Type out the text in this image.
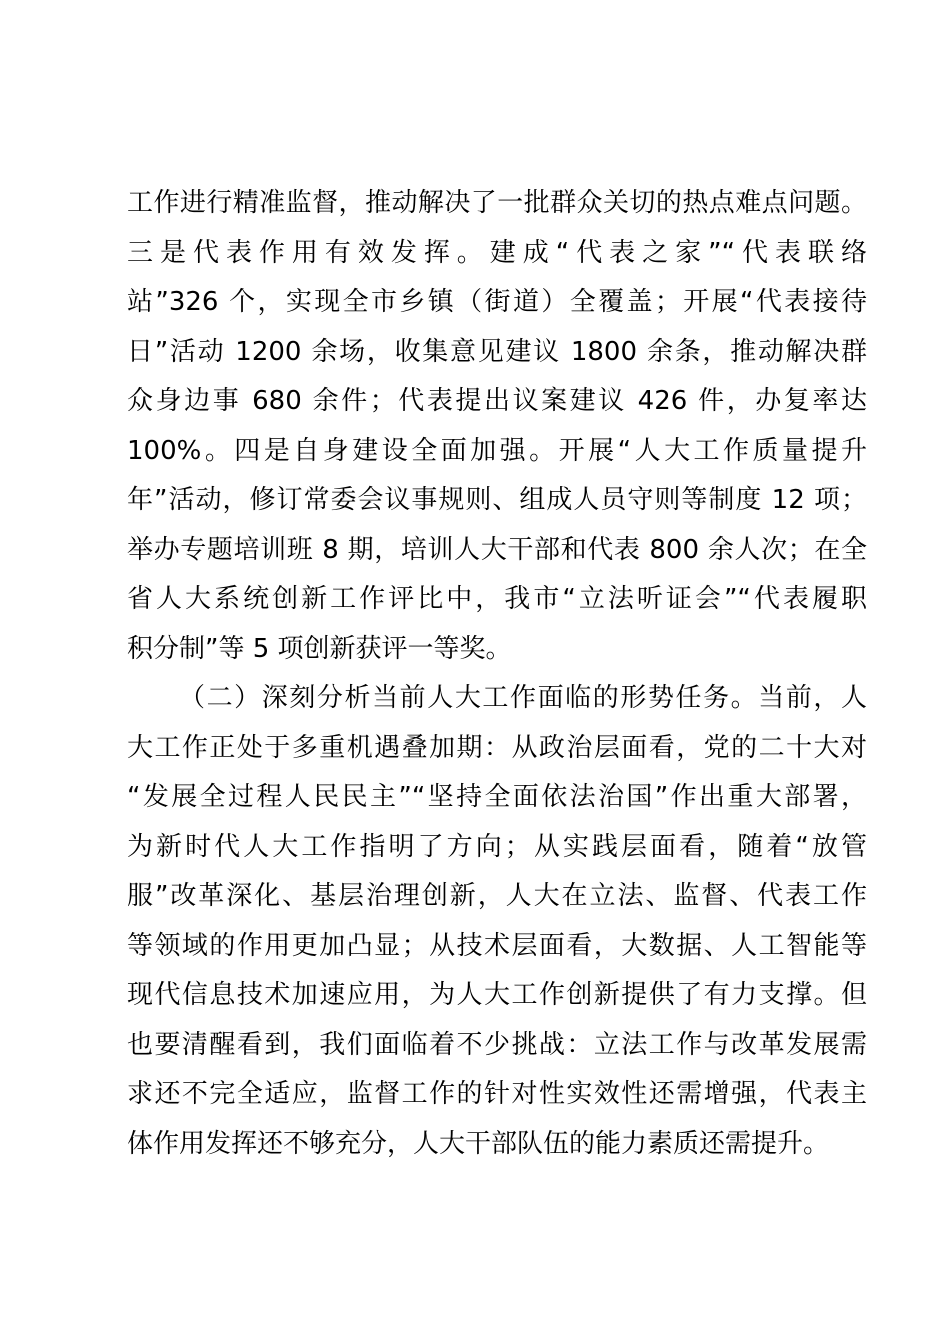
工作进行精准监督，推动解决了一批群众关切的热点难点问题。
三是代表作用有效发挥。建成“代表之家”“代表联络
站”326 个，实现全市乡镇（街道）全覆盖；开展“代表接待
日”活动 1200 余场，收集意见建议 1800 余条，推动解决群
众身边事 680 余件；代表提出议案建议 426 件，办复率达
100%。四是自身建设全面加强。开展“人大工作质量提升
年”活动，修订常委会议事规则、组成人员守则等制度 12 项；
举办专题培训班 8 期，培训人大干部和代表 800 余人次；在全
省人大系统创新工作评比中，我市“立法听证会”“代表履职
积分制”等 5 项创新获评一等奖。
（二）深刻分析当前人大工作面临的形势任务。当前，人
大工作正处于多重机遇叠加期：从政治层面看，党的二十大对
“发展全过程人民民主”“坚持全面依法治国”作出重大部署，
为新时代人大工作指明了方向；从实践层面看，随着“放管
服”改革深化、基层治理创新，人大在立法、监督、代表工作
等领域的作用更加凸显；从技术层面看，大数据、人工智能等
现代信息技术加速应用，为人大工作创新提供了有力支撑。但
也要清醒看到，我们面临着不少挑战：立法工作与改革发展需
求还不完全适应，监督工作的针对性实效性还需增强，代表主
体作用发挥还不够充分，人大干部队伍的能力素质还需提升。
